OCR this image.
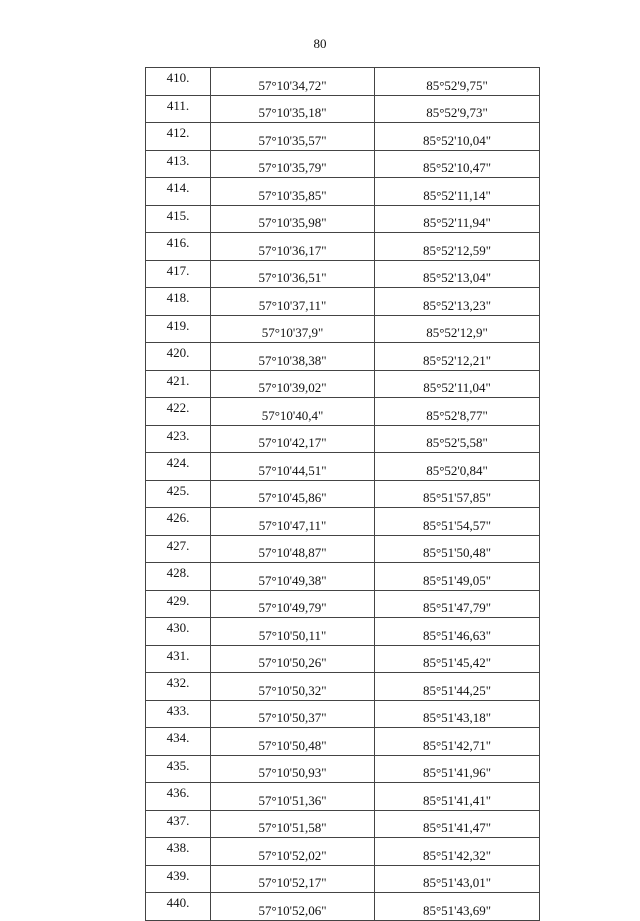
80
410.	57°10'34,72"	85°52'9,75"
411.	57°10'35,18"	85°52'9,73"
412.	57°10'35,57"	85°52'10,04"
413.	57°10'35,79"	85°52'10,47"
414.	57°10'35,85"	85°52'11,14"
415.	57°10'35,98"	85°52'11,94"
416.	57°10'36,17"	85°52'12,59"
417.	57°10'36,51"	85°52'13,04"
418.	57°10'37,11"	85°52'13,23"
419.	57°10'37,9"	85°52'12,9"
420.	57°10'38,38"	85°52'12,21"
421.	57°10'39,02"	85°52'11,04"
422.	57°10'40,4"	85°52'8,77"
423.	57°10'42,17"	85°52'5,58"
424.	57°10'44,51"	85°52'0,84"
425.	57°10'45,86"	85°51'57,85"
426.	57°10'47,11"	85°51'54,57"
427.	57°10'48,87"	85°51'50,48"
428.	57°10'49,38"	85°51'49,05"
429.	57°10'49,79"	85°51'47,79"
430.	57°10'50,11"	85°51'46,63"
431.	57°10'50,26"	85°51'45,42"
432.	57°10'50,32"	85°51'44,25"
433.	57°10'50,37"	85°51'43,18"
434.	57°10'50,48"	85°51'42,71"
435.	57°10'50,93"	85°51'41,96"
436.	57°10'51,36"	85°51'41,41"
437.	57°10'51,58"	85°51'41,47"
438.	57°10'52,02"	85°51'42,32"
439.	57°10'52,17"	85°51'43,01"
440.	57°10'52,06"	85°51'43,69"
